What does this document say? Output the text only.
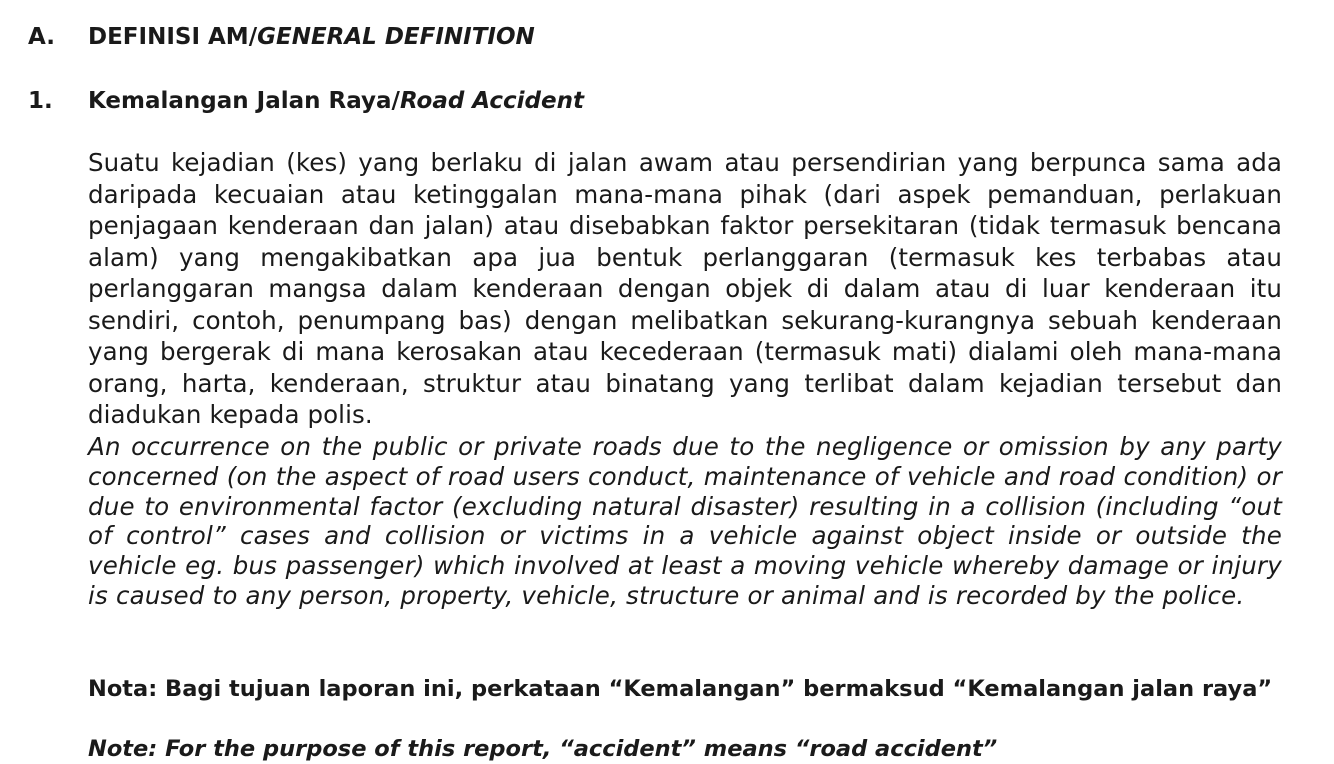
A. DEFINISI AM/GENERAL DEFINITION
1. Kemalangan Jalan Raya/Road Accident

Suatu kejadian (kes) yang berlaku di jalan awam atau persendirian yang berpunca sama ada daripada kecuaian atau ketinggalan mana-mana pihak (dari aspek pemanduan, perlakuan penjagaan kenderaan dan jalan) atau disebabkan faktor persekitaran (tidak termasuk bencana alam) yang mengakibatkan apa jua bentuk perlanggaran (termasuk kes terbabas atau perlanggaran mangsa dalam kenderaan dengan objek di dalam atau di luar kenderaan itu sendiri, contoh, penumpang bas) dengan melibatkan sekurang-kurangnya sebuah kenderaan yang bergerak di mana kerosakan atau kecederaan (termasuk mati) dialami oleh mana-mana orang, harta, kenderaan, struktur atau binatang yang terlibat dalam kejadian tersebut dan diadukan kepada polis.

An occurrence on the public or private roads due to the negligence or omission by any party concerned (on the aspect of road users conduct, maintenance of vehicle and road condition) or due to environmental factor (excluding natural disaster) resulting in a collision (including “out of control” cases and collision or victims in a vehicle against object inside or outside the vehicle eg. bus passenger) which involved at least a moving vehicle whereby damage or injury is caused to any person, property, vehicle, structure or animal and is recorded by the police.

Nota: Bagi tujuan laporan ini, perkataan “Kemalangan” bermaksud “Kemalangan jalan raya”

Note: For the purpose of this report, “accident” means “road accident”
